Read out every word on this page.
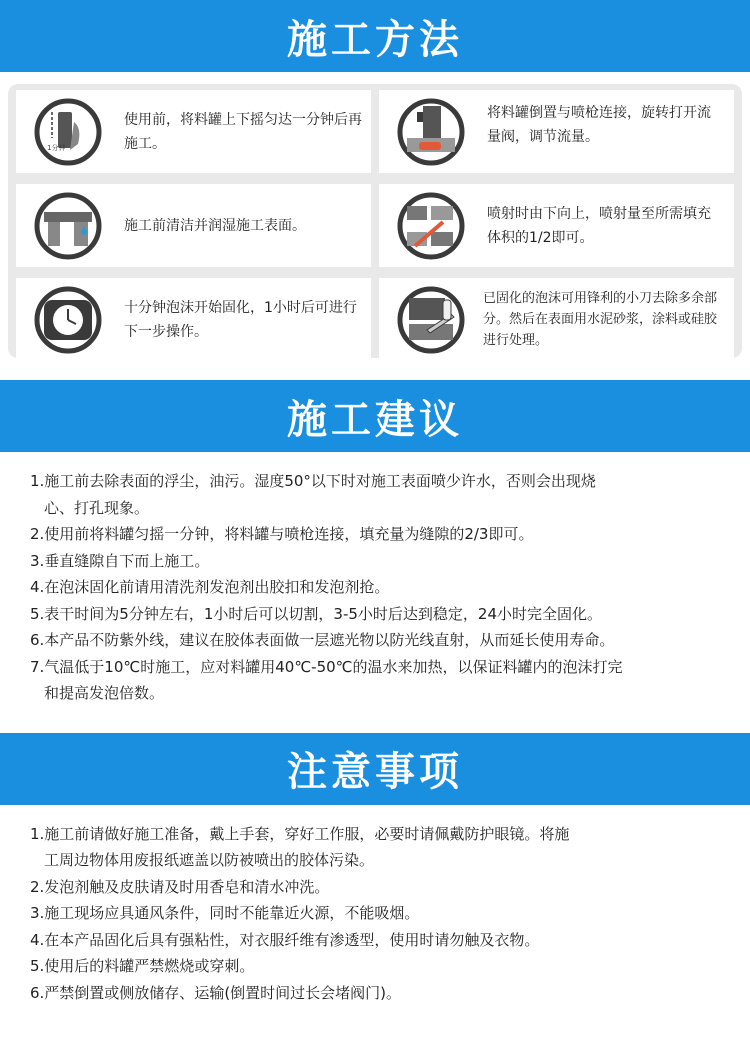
施工方法
1分钟
使用前，将料罐上下摇匀达一分钟后再施工。
将料罐倒置与喷枪连接，旋转打开流量阀，调节流量。
施工前清洁并润湿施工表面。
喷射时由下向上，喷射量至所需填充体积的1/2即可。
十分钟泡沫开始固化，1小时后可进行下一步操作。
已固化的泡沫可用锋利的小刀去除多余部分。然后在表面用水泥砂浆，涂料或硅胶进行处理。
施工建议
1.施工前去除表面的浮尘，油污。湿度50°以下时对施工表面喷少许水，否则会出现烧
心、打孔现象。
2.使用前将料罐匀摇一分钟，将料罐与喷枪连接，填充量为缝隙的2/3即可。
3.垂直缝隙自下而上施工。
4.在泡沫固化前请用清洗剂发泡剂出胶扣和发泡剂抢。
5.表干时间为5分钟左右，1小时后可以切割，3-5小时后达到稳定，24小时完全固化。
6.本产品不防紫外线，建议在胶体表面做一层遮光物以防光线直射，从而延长使用寿命。
7.气温低于10℃时施工，应对料罐用40℃-50℃的温水来加热，以保证料罐内的泡沫打完
和提高发泡倍数。
注意事项
1.施工前请做好施工准备，戴上手套，穿好工作服，必要时请佩戴防护眼镜。将施
工周边物体用废报纸遮盖以防被喷出的胶体污染。
2.发泡剂触及皮肤请及时用香皂和清水冲洗。
3.施工现场应具通风条件，同时不能靠近火源，不能吸烟。
4.在本产品固化后具有强粘性，对衣服纤维有渗透型，使用时请勿触及衣物。
5.使用后的料罐严禁燃烧或穿刺。
6.严禁倒置或侧放储存、运输(倒置时间过长会堵阀门)。
